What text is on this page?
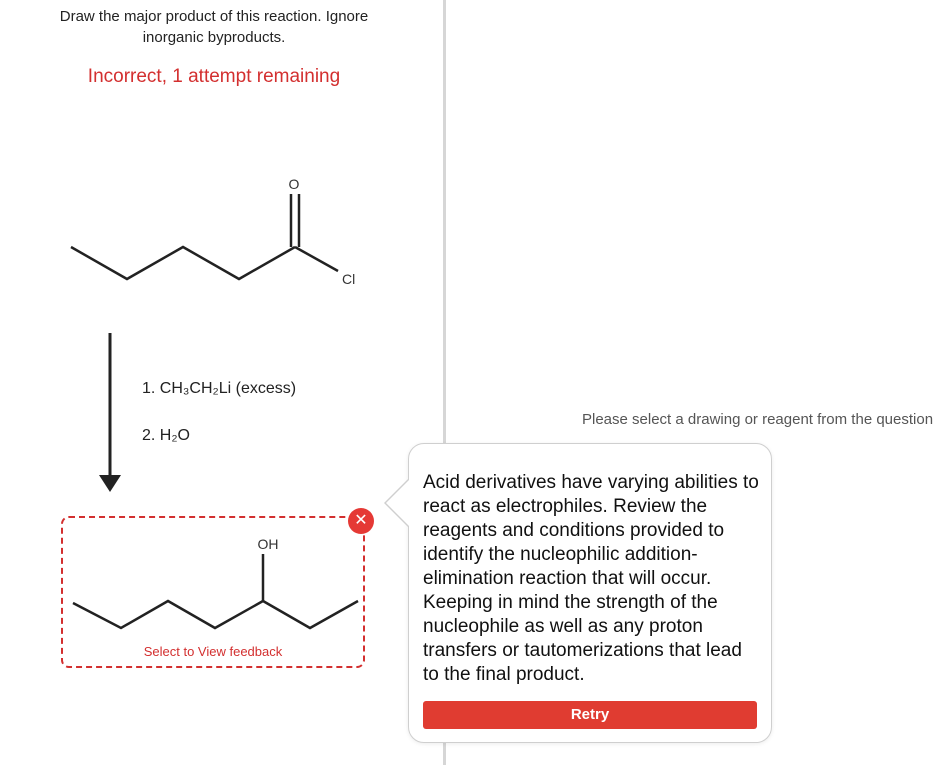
Draw the major product of this reaction. Ignore inorganic byproducts.
Incorrect, 1 attempt remaining
O
Cl
1. CH₃CH₂Li (excess)
2. H₂O
OH
Select to View feedback
✕
Please select a drawing or reagent from the question
Acid derivatives have varying abilities to react as electrophiles. Review the reagents and conditions provided to identify the nucleophilic addition-elimination reaction that will occur. Keeping in mind the strength of the nucleophile as well as any proton transfers or tautomerizations that lead to the final product.
Retry
